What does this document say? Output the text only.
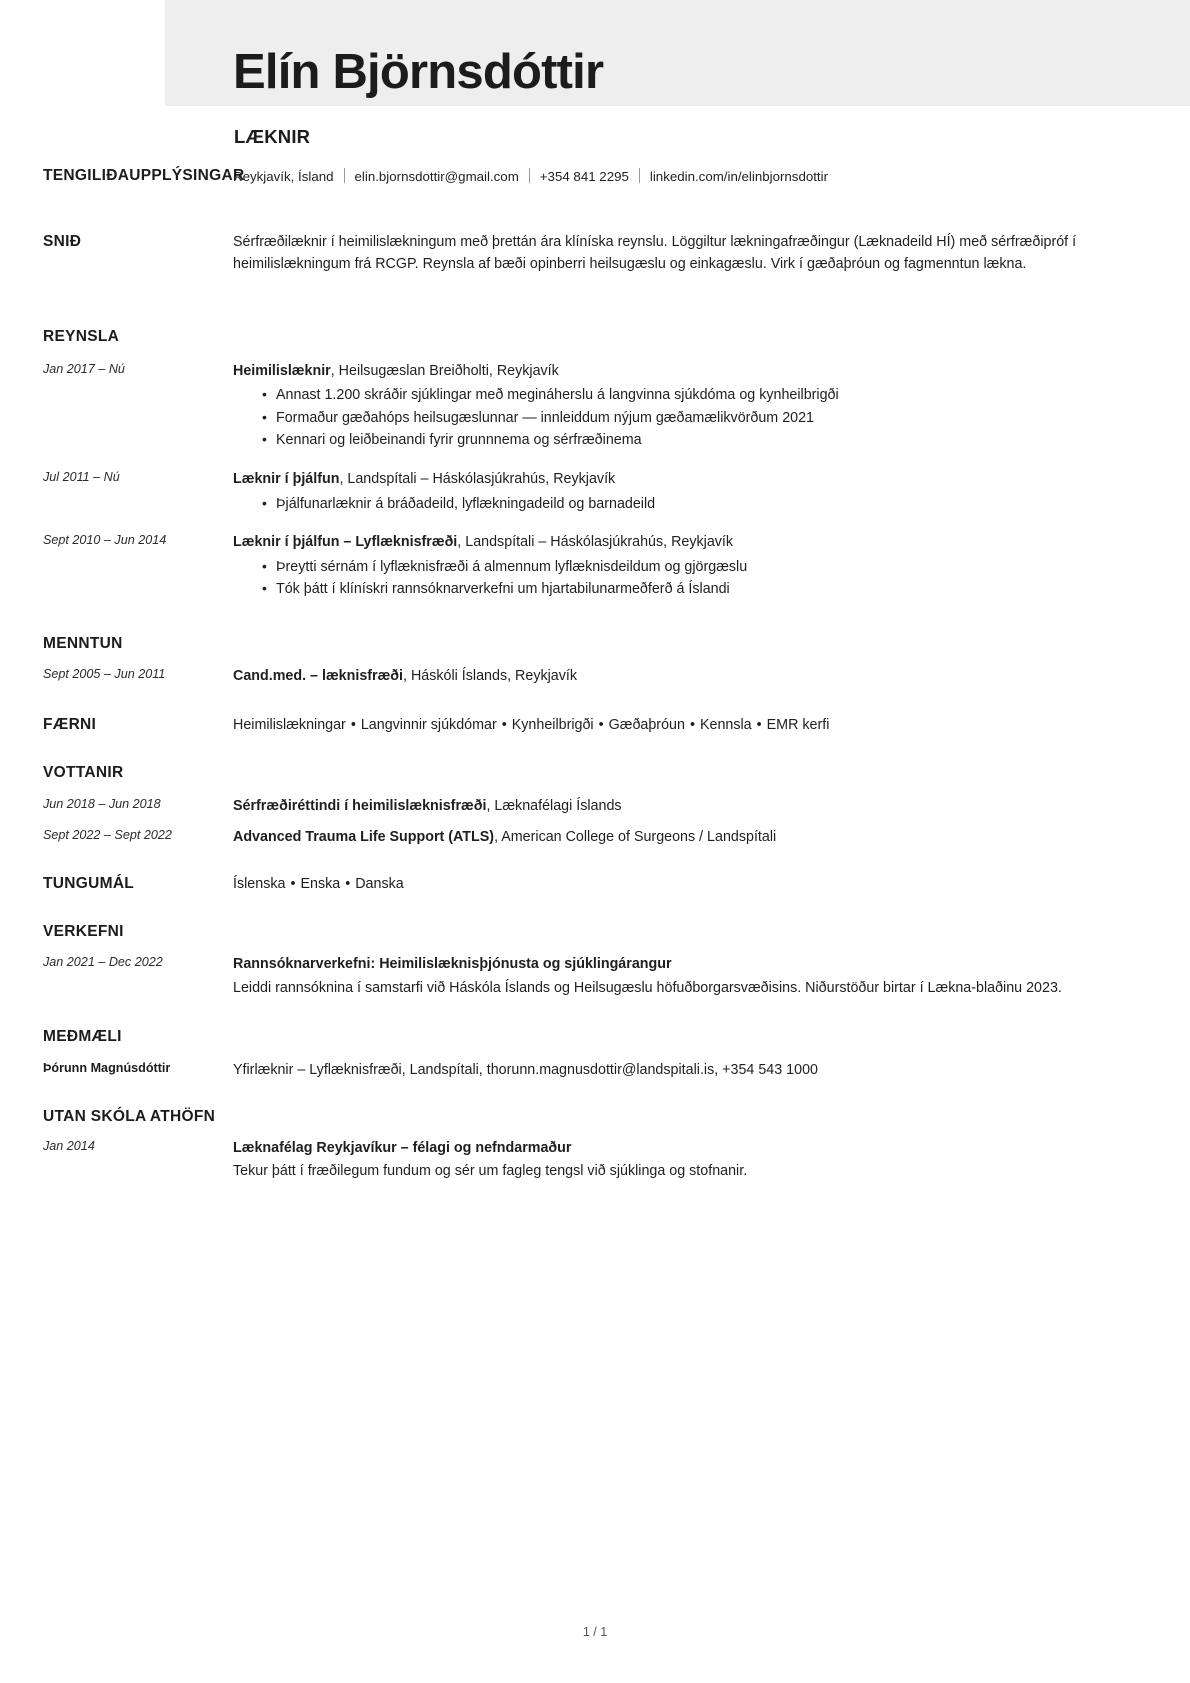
Elín Björnsdóttir
LÆKNIR
TENGILIÐAUPPLÝSINGAR
Reykjavík, Ísland elin.bjornsdottir@gmail.com +354 841 2295 linkedin.com/in/elinbjornsdottir
SNIÐ	Sérfræðilæknir í heimilislækningum með þrettán ára klíníska reynslu. Löggiltur lækningafræðingur (Læknadeild HÍ) með sérfræðipróf í heimilislækningum frá RCGP. Reynsla af bæði opinberri heilsugæslu og einkagæslu. Virk í gæðaþróun og fagmenntun lækna.
REYNSLA
Jan 2017 – Nú	Heimilislæknir, Heilsugæslan Breiðholti, Reykjavík
• Annast 1.200 skráðir sjúklingar með megináherslu á langvinna sjúkdóma og kynheilbrigði
• Formaður gæðahóps heilsugæslunnar — innleiddum nýjum gæðamælikvörðum 2021
• Kennari og leiðbeinandi fyrir grunnnema og sérfræðinema
Jul 2011 – Nú	Læknir í þjálfun, Landspítali – Háskólasjúkrahús, Reykjavík
• Þjálfunarlæknir á bráðadeild, lyflækningadeild og barnadeild
Sept 2010 – Jun 2014	Læknir í þjálfun – Lyflæknisfræði, Landspítali – Háskólasjúkrahús, Reykjavík
• Þreytti sérnám í lyflæknisfræði á almennum lyflæknisdeildum og gjörgæslu
• Tók þátt í klínískri rannsóknarverkefni um hjartabilunarmeðferð á Íslandi
MENNTUN
Sept 2005 – Jun 2011	Cand.med. – læknisfræði, Háskóli Íslands, Reykjavík
FÆRNI	Heimilislækningar • Langvinnir sjúkdómar • Kynheilbrigði • Gæðaþróun • Kennsla • EMR kerfi
VOTTANIR
Jun 2018 – Jun 2018	Sérfræðiréttindi í heimilislæknisfræði, Læknafélagi Íslands
Sept 2022 – Sept 2022	Advanced Trauma Life Support (ATLS), American College of Surgeons / Landspítali
TUNGUMÁL	Íslenska • Enska • Danska
VERKEFNI
Jan 2021 – Dec 2022	Rannsóknarverkefni: Heimilislæknisþjónusta og sjúklingárangur
Leiddi rannsóknina í samstarfi við Háskóla Íslands og Heilsugæslu höfuðborgarsvæðisins. Niðurstöður birtar í Lækna-blaðinu 2023.
MEÐMÆLI
Þórunn Magnúsdóttir	Yfirlæknir – Lyflæknisfræði, Landspítali, thorunn.magnusdottir@landspitali.is, +354 543 1000
UTAN SKÓLA ATHÖFN
Jan 2014	Læknafélag Reykjavíkur – félagi og nefndarmaður
Tekur þátt í fræðilegum fundum og sér um fagleg tengsl við sjúklinga og stofnanir.
1 / 1
